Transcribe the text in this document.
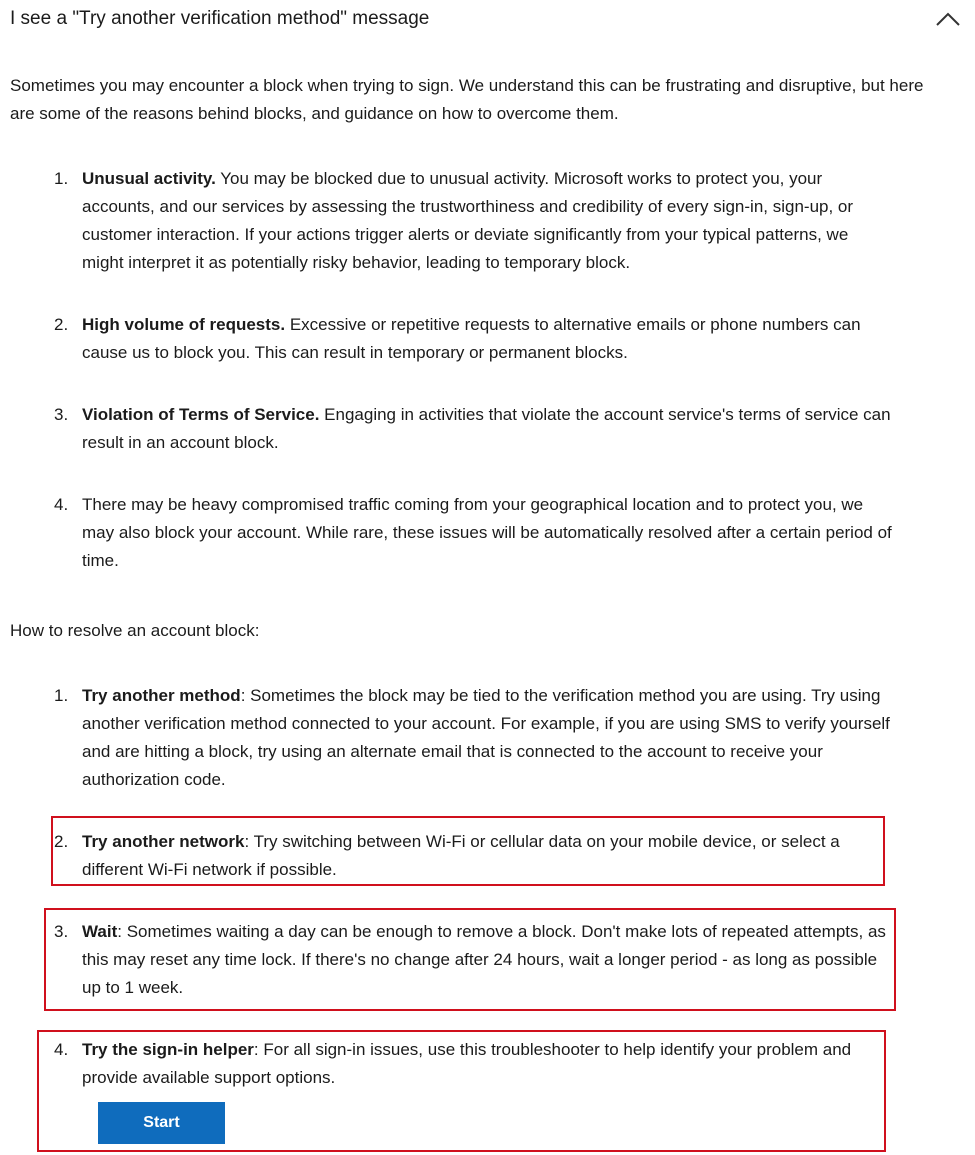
I see a "Try another verification method" message
Sometimes you may encounter a block when trying to sign. We understand this can be frustrating and disruptive, but here are some of the reasons behind blocks, and guidance on how to overcome them.
1. Unusual activity. You may be blocked due to unusual activity. Microsoft works to protect you, your accounts, and our services by assessing the trustworthiness and credibility of every sign-in, sign-up, or customer interaction. If your actions trigger alerts or deviate significantly from your typical patterns, we might interpret it as potentially risky behavior, leading to temporary block.
2. High volume of requests. Excessive or repetitive requests to alternative emails or phone numbers can cause us to block you. This can result in temporary or permanent blocks.
3. Violation of Terms of Service. Engaging in activities that violate the account service's terms of service can result in an account block.
4. There may be heavy compromised traffic coming from your geographical location and to protect you, we may also block your account. While rare, these issues will be automatically resolved after a certain period of time.
How to resolve an account block:
1. Try another method: Sometimes the block may be tied to the verification method you are using. Try using another verification method connected to your account. For example, if you are using SMS to verify yourself and are hitting a block, try using an alternate email that is connected to the account to receive your authorization code.
2. Try another network: Try switching between Wi-Fi or cellular data on your mobile device, or select a different Wi-Fi network if possible.
3. Wait: Sometimes waiting a day can be enough to remove a block. Don't make lots of repeated attempts, as this may reset any time lock. If there's no change after 24 hours, wait a longer period - as long as possible up to 1 week.
4. Try the sign-in helper: For all sign-in issues, use this troubleshooter to help identify your problem and provide available support options.
Start
